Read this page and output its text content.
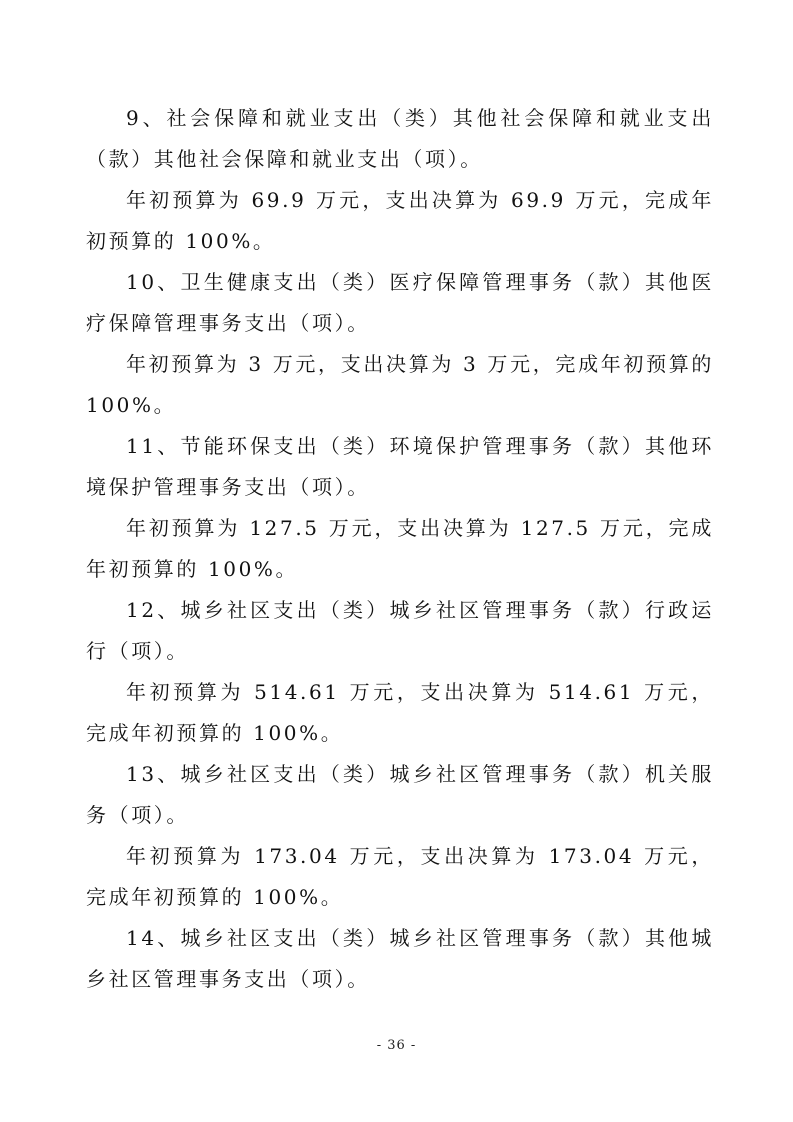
9、社会保障和就业支出（类）其他社会保障和就业支出（款）其他社会保障和就业支出（项）。

年初预算为 69.9 万元，支出决算为 69.9 万元，完成年初预算的 100%。

10、卫生健康支出（类）医疗保障管理事务（款）其他医疗保障管理事务支出（项）。

年初预算为 3 万元，支出决算为 3 万元，完成年初预算的100%。

11、节能环保支出（类）环境保护管理事务（款）其他环境保护管理事务支出（项）。

年初预算为 127.5 万元，支出决算为 127.5 万元，完成年初预算的 100%。

12、城乡社区支出（类）城乡社区管理事务（款）行政运行（项）。

年初预算为 514.61 万元，支出决算为 514.61 万元，完成年初预算的 100%。

13、城乡社区支出（类）城乡社区管理事务（款）机关服务（项）。

年初预算为 173.04 万元，支出决算为 173.04 万元，完成年初预算的 100%。

14、城乡社区支出（类）城乡社区管理事务（款）其他城乡社区管理事务支出（项）。

- 36 -
